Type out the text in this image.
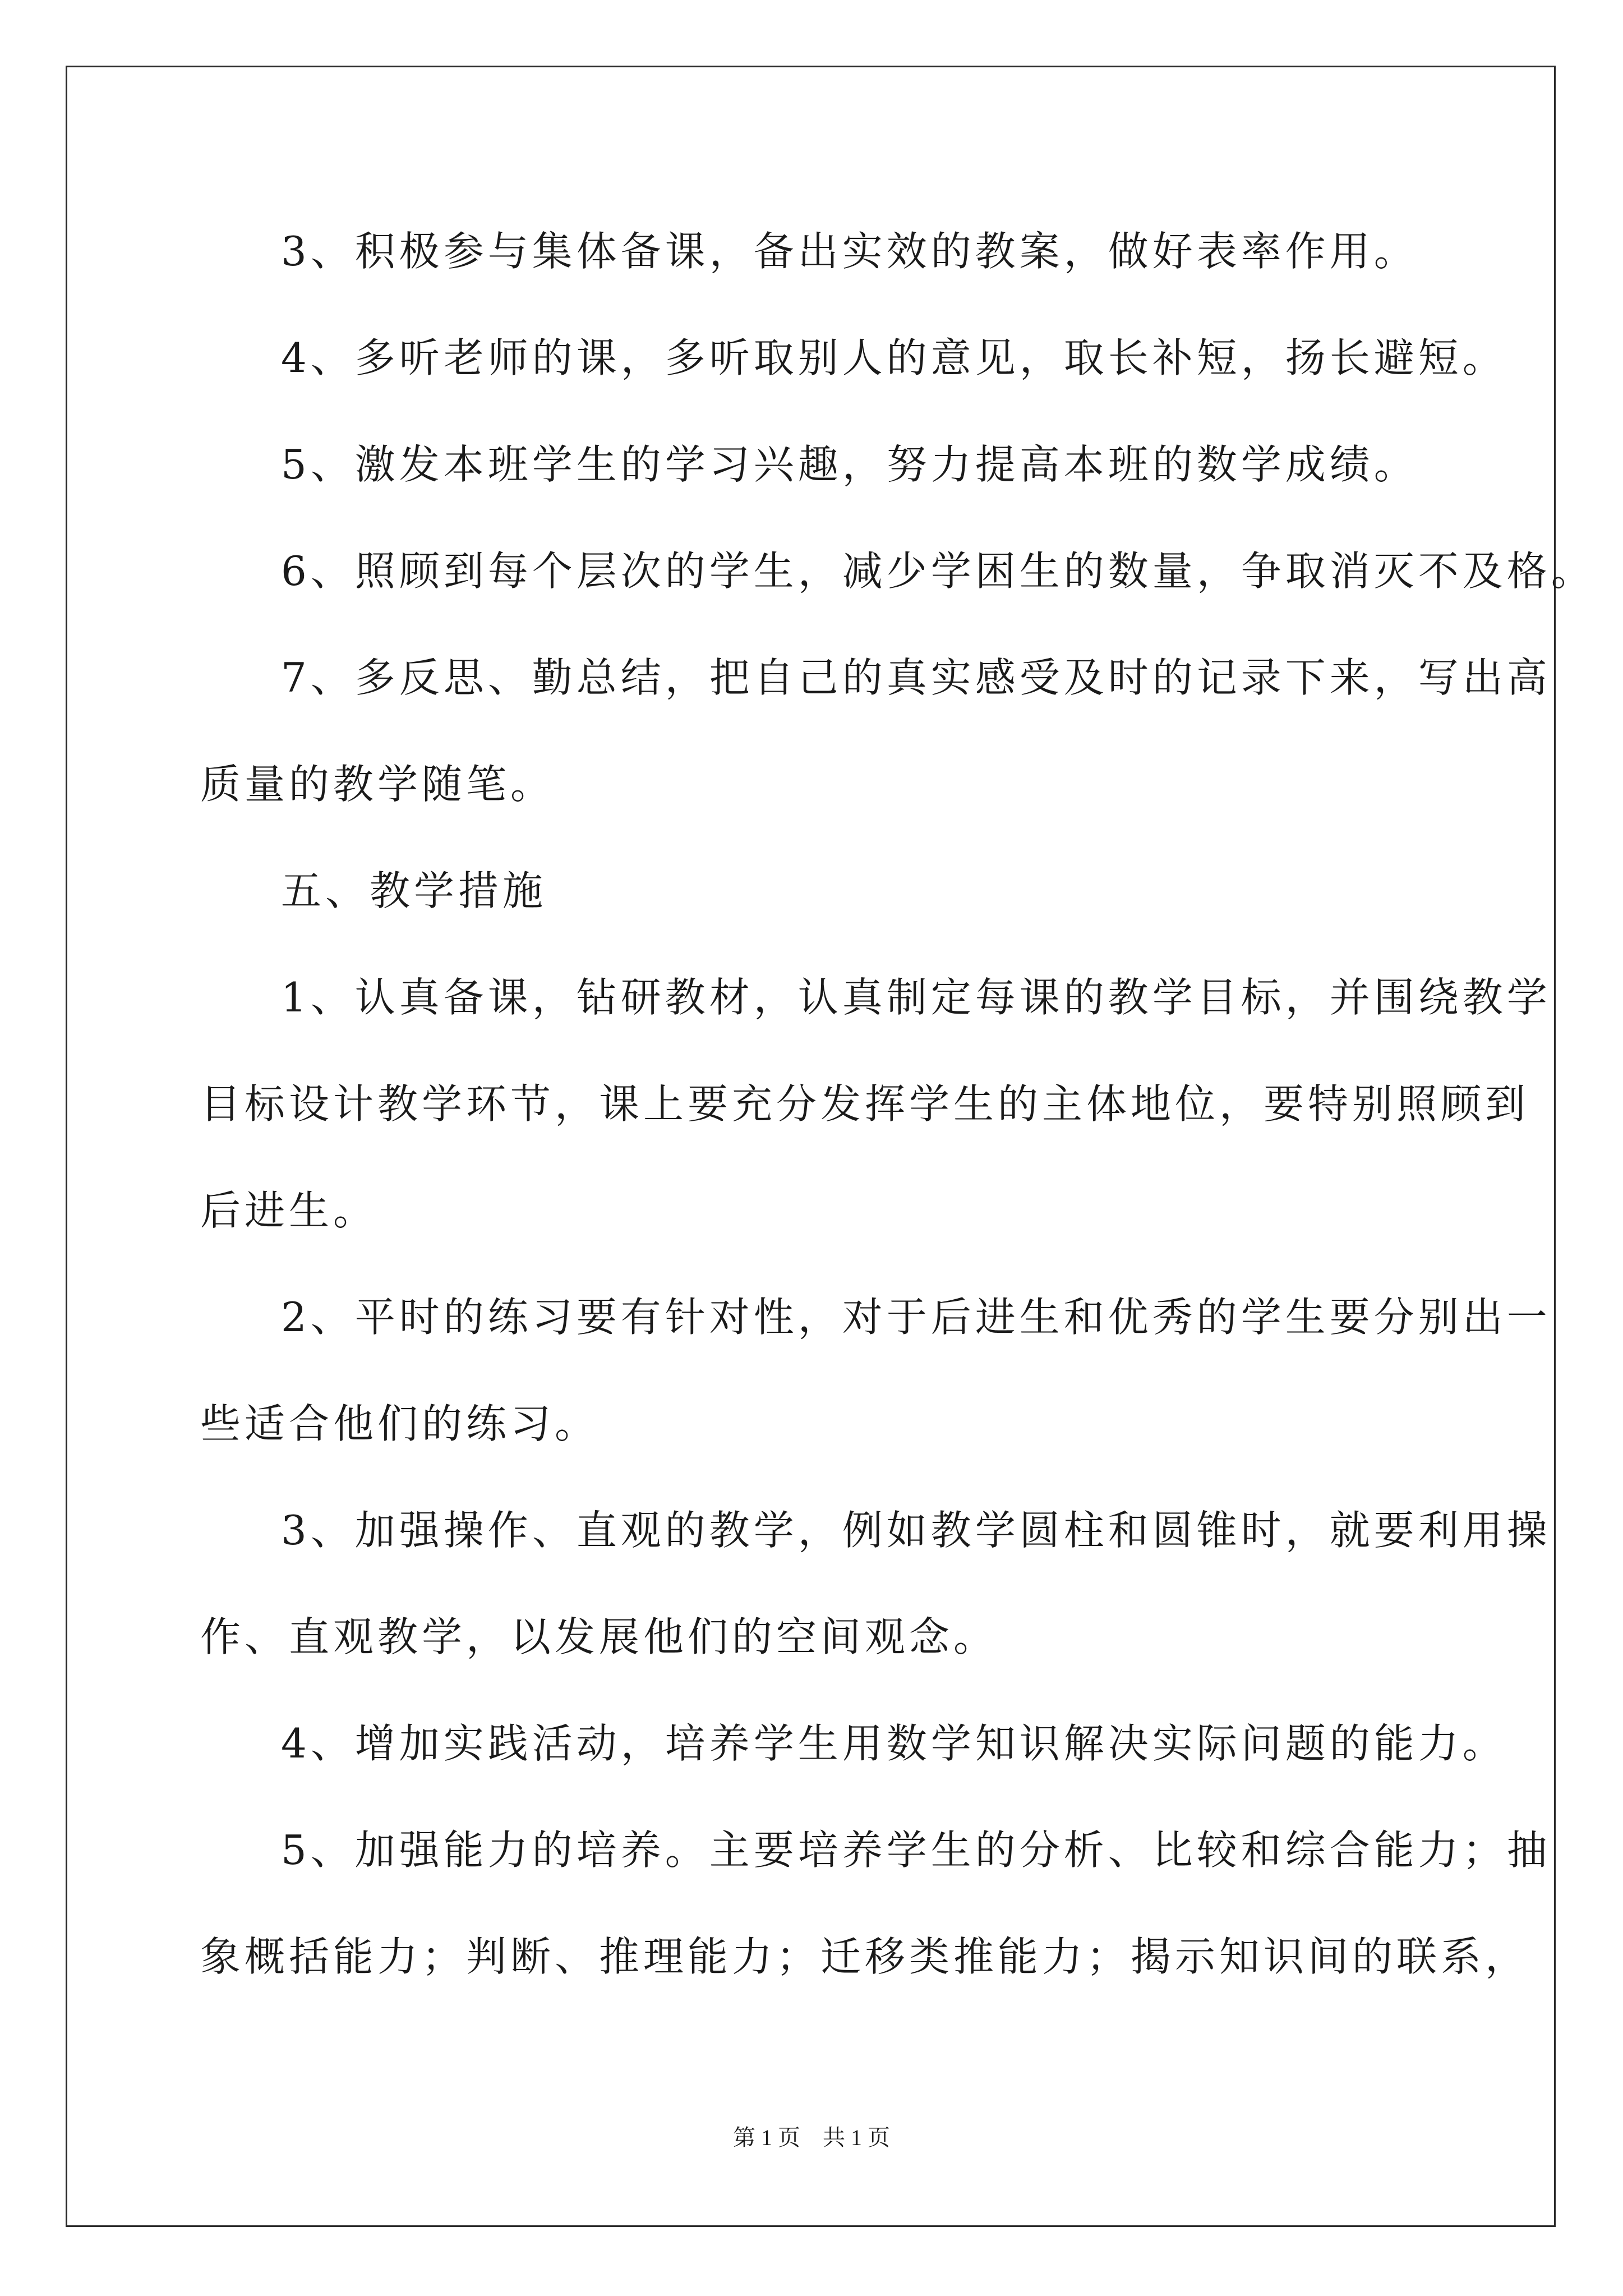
3、积极参与集体备课，备出实效的教案，做好表率作用。
4、多听老师的课，多听取别人的意见，取长补短，扬长避短。
5、激发本班学生的学习兴趣，努力提高本班的数学成绩。
6、照顾到每个层次的学生，减少学困生的数量，争取消灭不及格。
7、多反思、勤总结，把自己的真实感受及时的记录下来，写出高
质量的教学随笔。
五、教学措施
1、认真备课，钻研教材，认真制定每课的教学目标，并围绕教学
目标设计教学环节，课上要充分发挥学生的主体地位，要特别照顾到
后进生。
2、平时的练习要有针对性，对于后进生和优秀的学生要分别出一
些适合他们的练习。
3、加强操作、直观的教学，例如教学圆柱和圆锥时，就要利用操
作、直观教学，以发展他们的空间观念。
4、增加实践活动，培养学生用数学知识解决实际问题的能力。
5、加强能力的培养。主要培养学生的分析、比较和综合能力；抽
象概括能力；判断、推理能力；迁移类推能力；揭示知识间的联系，
第 1 页    共 1 页
